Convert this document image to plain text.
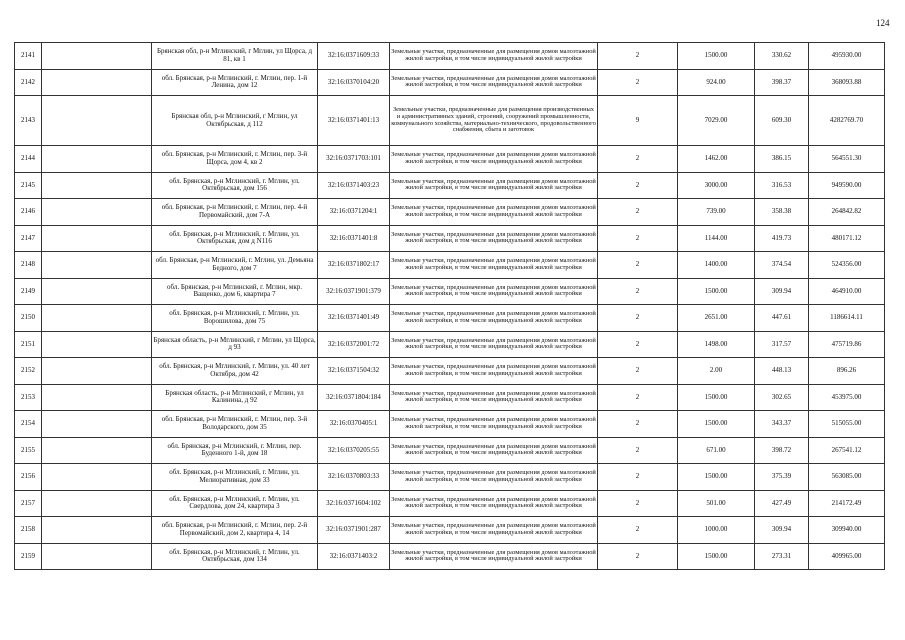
124
2141		Брянская обл, р-н Мглинский, г Мглин, ул Щорса, д 81, кв 1	32:16:0371609:33	Земельные участки, предназначенные для размещения домов малоэтажной жилой застройки, в том числе индивидуальной жилой застройки	2	1500.00	330.62	495930.00
2142		обл. Брянская, р-н Мглинский, г. Мглин, пер. 1-й Ленина, дом 12	32:16:0370104:20	Земельные участки, предназначенные для размещения домов малоэтажной жилой застройки, в том числе индивидуальной жилой застройки	2	924.00	398.37	368093.88
2143		Брянская обл, р-н Мглинский, г Мглин, ул Октябрьская, д 112	32:16:0371401:13	Земельные участки, предназначенные для размещения производственных и административных зданий, строений, сооружений промышленности, коммунального хозяйства, материально-технического, продовольственного снабжения, сбыта и заготовок	9	7029.00	609.30	4282769.70
2144		обл. Брянская, р-н Мглинский, г. Мглин, пер. 3-й Щорса, дом 4, кв 2	32:16:0371703:101	Земельные участки, предназначенные для размещения домов малоэтажной жилой застройки, в том числе индивидуальной жилой застройки	2	1462.00	386.15	564551.30
2145		обл. Брянская, р-н Мглинский, г. Мглин, ул. Октябрьская, дом 156	32:16:0371403:23	Земельные участки, предназначенные для размещения домов малоэтажной жилой застройки, в том числе индивидуальной жилой застройки	2	3000.00	316.53	949590.00
2146		обл. Брянская, р-н Мглинский, г. Мглин, пер. 4-й Первомайский, дом 7-А	32:16:0371204:1	Земельные участки, предназначенные для размещения домов малоэтажной жилой застройки, в том числе индивидуальной жилой застройки	2	739.00	358.38	264842.82
2147		обл. Брянская, р-н Мглинский, г. Мглин, ул. Октябрьская, дом д N116	32:16:0371401:8	Земельные участки, предназначенные для размещения домов малоэтажной жилой застройки, в том числе индивидуальной жилой застройки	2	1144.00	419.73	480171.12
2148		обл. Брянская, р-н Мглинский, г. Мглин, ул. Демьяна Бедного, дом 7	32:16:0371802:17	Земельные участки, предназначенные для размещения домов малоэтажной жилой застройки, в том числе индивидуальной жилой застройки	2	1400.00	374.54	524356.00
2149		обл. Брянская, р-н Мглинский, г. Мглин, мкр. Ващенко, дом 6, квартира 7	32:16:0371901:379	Земельные участки, предназначенные для размещения домов малоэтажной жилой застройки, в том числе индивидуальной жилой застройки	2	1500.00	309.94	464910.00
2150		обл. Брянская, р-н Мглинский, г. Мглин, ул. Ворошилова, дом 75	32:16:0371401:49	Земельные участки, предназначенные для размещения домов малоэтажной жилой застройки, в том числе индивидуальной жилой застройки	2	2651.00	447.61	1186614.11
2151		Брянская область, р-н Мглинский, г Мглин, ул Щорса, д 93	32:16:0372001:72	Земельные участки, предназначенные для размещения домов малоэтажной жилой застройки, в том числе индивидуальной жилой застройки	2	1498.00	317.57	475719.86
2152		обл. Брянская, р-н Мглинский, г. Мглин, ул. 40 лет Октября, дом 42	32:16:0371504:32	Земельные участки, предназначенные для размещения домов малоэтажной жилой застройки, в том числе индивидуальной жилой застройки	2	2.00	448.13	896.26
2153		Брянская область, р-н Мглинский, г Мглин, ул Калинина, д 92	32:16:0371804:184	Земельные участки, предназначенные для размещения домов малоэтажной жилой застройки, в том числе индивидуальной жилой застройки	2	1500.00	302.65	453975.00
2154		обл. Брянская, р-н Мглинский, г. Мглин, пер. 3-й Володарского, дом 35	32:16:0370405:1	Земельные участки, предназначенные для размещения домов малоэтажной жилой застройки, в том числе индивидуальной жилой застройки	2	1500.00	343.37	515055.00
2155		обл. Брянская, р-н Мглинский, г. Мглин, пер. Буденного 1-й, дом 18	32:16:0370205:55	Земельные участки, предназначенные для размещения домов малоэтажной жилой застройки, в том числе индивидуальной жилой застройки	2	671.00	398.72	267541.12
2156		обл. Брянская, р-н Мглинский, г. Мглин, ул. Мелиоративная, дом 33	32:16:0370803:33	Земельные участки, предназначенные для размещения домов малоэтажной жилой застройки, в том числе индивидуальной жилой застройки	2	1500.00	375.39	563085.00
2157		обл. Брянская, р-н Мглинский, г. Мглин, ул. Свердлова, дом 24, квартира 3	32:16:0371604:102	Земельные участки, предназначенные для размещения домов малоэтажной жилой застройки, в том числе индивидуальной жилой застройки	2	501.00	427.49	214172.49
2158		обл. Брянская, р-н Мглинский, г. Мглин, пер. 2-й Первомайский, дом 2, квартира 4, 14	32:16:0371901:287	Земельные участки, предназначенные для размещения домов малоэтажной жилой застройки, в том числе индивидуальной жилой застройки	2	1000.00	309.94	309940.00
2159		обл. Брянская, р-н Мглинский, г. Мглин, ул. Октябрьская, дом 134	32:16:0371403:2	Земельные участки, предназначенные для размещения домов малоэтажной жилой застройки, в том числе индивидуальной жилой застройки	2	1500.00	273.31	409965.00
